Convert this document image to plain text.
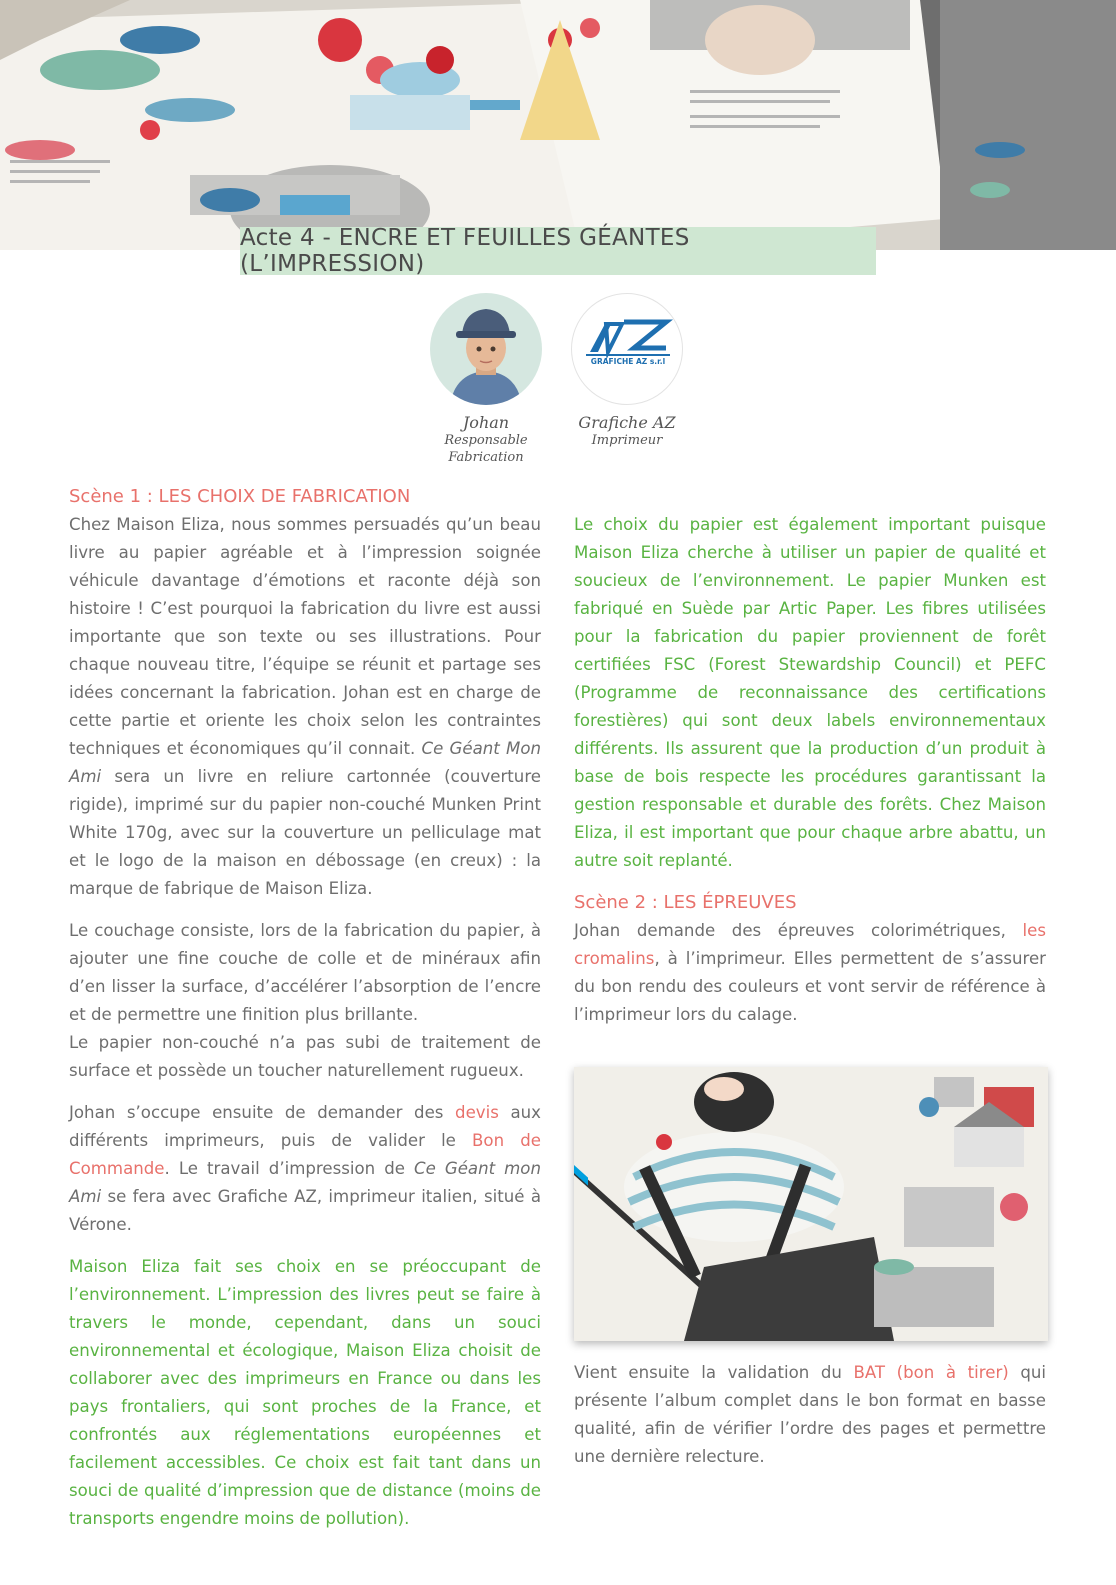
Acte 4 - ENCRE ET FEUILLES GÉANTES (L’IMPRESSION)
Johan
Responsable
Fabrication
GRAFICHE AZ s.r.l
Grafiche AZ
Imprimeur
Scène 1 : LES CHOIX DE FABRICATION

Chez Maison Eliza, nous sommes persuadés qu’un beau livre au papier agréable et à l’impression soignée véhicule davantage d’émotions et raconte déjà son histoire ! C’est pourquoi la fabrication du livre est aussi importante que son texte ou ses illustrations. Pour chaque nouveau titre, l’équipe se réunit et partage ses idées concernant la fabrication. Johan est en charge de cette partie et oriente les choix selon les contraintes techniques et économiques qu’il connait. Ce Géant Mon Ami sera un livre en reliure cartonnée (couverture rigide), imprimé sur du papier non-couché Munken Print White 170g, avec sur la couverture un pelliculage mat et le logo de la maison en débossage (en creux) : la marque de fabrique de Maison Eliza.

Le couchage consiste, lors de la fabrication du papier, à ajouter une fine couche de colle et de minéraux afin d’en lisser la surface, d’accélérer l’absorption de l’encre et de permettre une finition plus brillante.

Le papier non-couché n’a pas subi de traitement de surface et possède un toucher naturellement rugueux.

Johan s’occupe ensuite de demander des devis aux différents imprimeurs, puis de valider le Bon de Commande. Le travail d’impression de Ce Géant mon Ami se fera avec Grafiche AZ, imprimeur italien, situé à Vérone.

Maison Eliza fait ses choix en se préoccupant de l’environnement. L’impression des livres peut se faire à travers le monde, cependant, dans un souci environnemental et écologique, Maison Eliza choisit de collaborer avec des imprimeurs en France ou dans les pays frontaliers, qui sont proches de la France, et confrontés aux réglementations européennes et facilement accessibles. Ce choix est fait tant dans un souci de qualité d’impression que de distance (moins de transports engendre moins de pollution).

Le choix du papier est également important puisque Maison Eliza cherche à utiliser un papier de qualité et soucieux de l’environnement. Le papier Munken est fabriqué en Suède par Artic Paper. Les fibres utilisées pour la fabrication du papier proviennent de forêt certifiées FSC (Forest Stewardship Council) et PEFC (Programme de reconnaissance des certifications forestières) qui sont deux labels environnementaux différents. Ils assurent que la production d’un produit à base de bois respecte les procédures garantissant la gestion responsable et durable des forêts. Chez Maison Eliza, il est important que pour chaque arbre abattu, un autre soit replanté.

Scène 2 : LES ÉPREUVES

Johan demande des épreuves colorimétriques, les cromalins, à l’imprimeur. Elles permettent de s’assurer du bon rendu des couleurs et vont servir de référence à l’imprimeur lors du calage.

Vient ensuite la validation du BAT (bon à tirer) qui présente l’album complet dans le bon format en basse qualité, afin de vérifier l’ordre des pages et permettre une dernière relecture.
